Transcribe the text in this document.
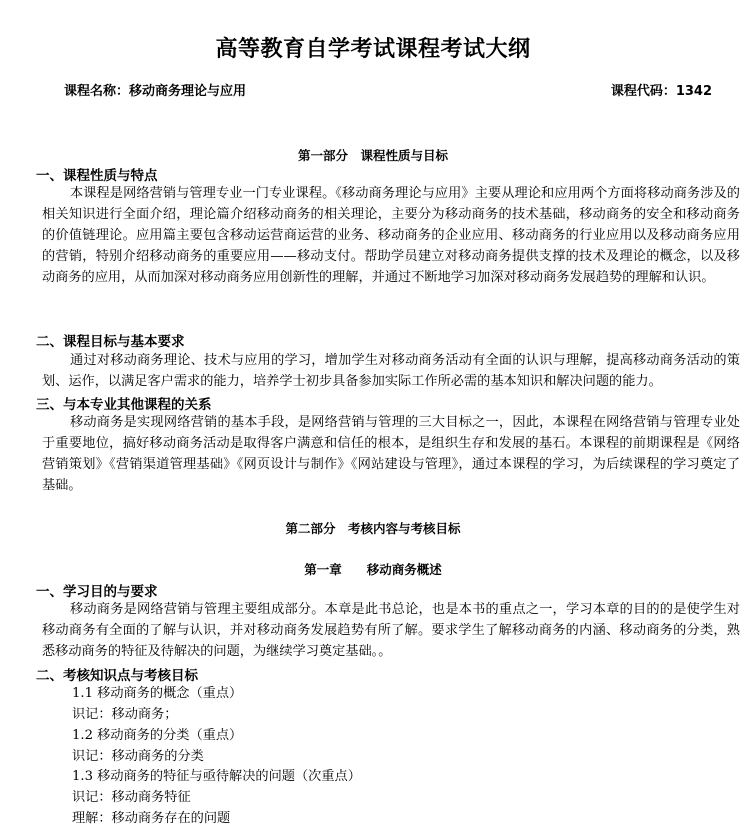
高等教育自学考试课程考试大纲
课程名称：移动商务理论与应用	课程代码：1342
第一部分　课程性质与目标
一、课程性质与特点
本课程是网络营销与管理专业一门专业课程。《移动商务理论与应用》主要从理论和应用两个方面将移动商务涉及的相关知识进行全面介绍，理论篇介绍移动商务的相关理论，主要分为移动商务的技术基础，移动商务的安全和移动商务的价值链理论。应用篇主要包含移动运营商运营的业务、移动商务的企业应用、移动商务的行业应用以及移动商务应用的营销，特别介绍移动商务的重要应用——移动支付。帮助学员建立对移动商务提供支撑的技术及理论的概念，以及移动商务的应用，从而加深对移动商务应用创新性的理解，并通过不断地学习加深对移动商务发展趋势的理解和认识。
二、课程目标与基本要求
通过对移动商务理论、技术与应用的学习，增加学生对移动商务活动有全面的认识与理解，提高移动商务活动的策划、运作，以满足客户需求的能力，培养学士初步具备参加实际工作所必需的基本知识和解决问题的能力。
三、与本专业其他课程的关系
移动商务是实现网络营销的基本手段，是网络营销与管理的三大目标之一，因此，本课程在网络营销与管理专业处于重要地位，搞好移动商务活动是取得客户满意和信任的根本，是组织生存和发展的基石。本课程的前期课程是《网络营销策划》《营销渠道管理基础》《网页设计与制作》《网站建设与管理》，通过本课程的学习，为后续课程的学习奠定了基础。
第二部分　考核内容与考核目标
第一章　　移动商务概述
一、学习目的与要求
移动商务是网络营销与管理主要组成部分。本章是此书总论，也是本书的重点之一，学习本章的目的的是使学生对移动商务有全面的了解与认识，并对移动商务发展趋势有所了解。要求学生了解移动商务的内涵、移动商务的分类，熟悉移动商务的特征及待解决的问题，为继续学习奠定基础。。
二、考核知识点与考核目标
1.1 移动商务的概念（重点）
识记：移动商务；
1.2 移动商务的分类（重点）
识记：移动商务的分类
1.3 移动商务的特征与亟待解决的问题（次重点）
识记：移动商务特征
理解：移动商务存在的问题
